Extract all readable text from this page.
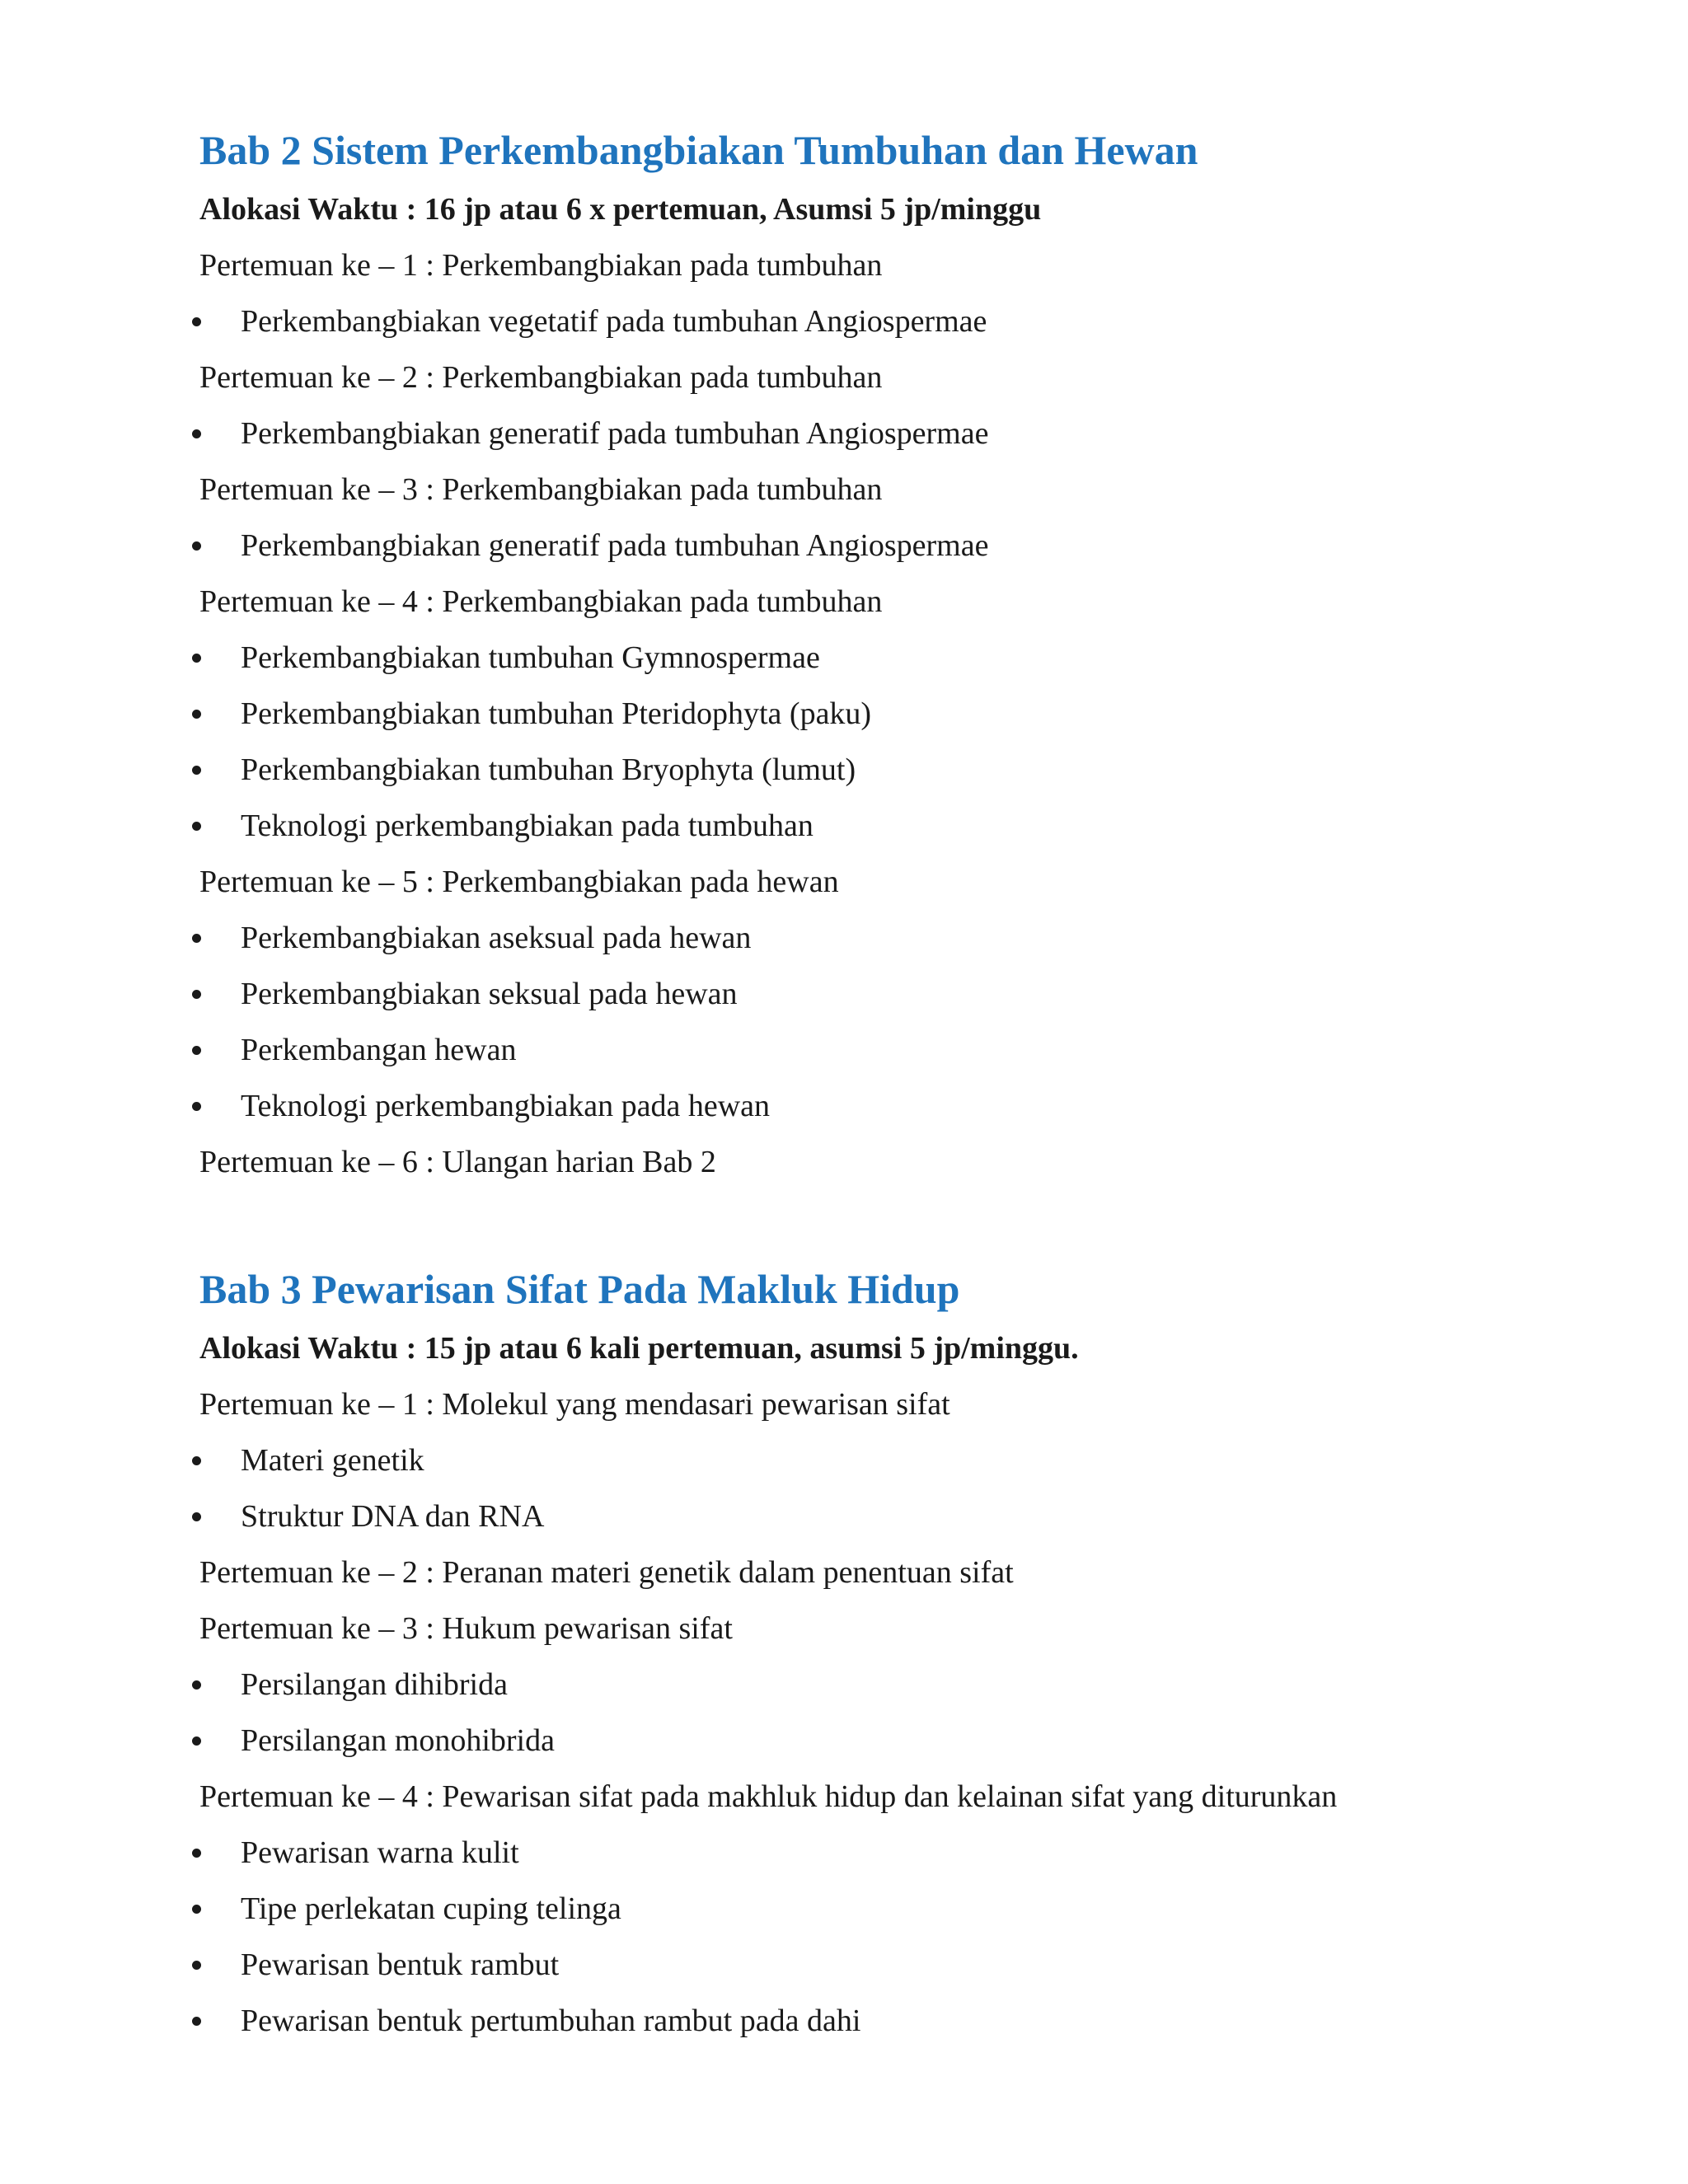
Bab 2 Sistem Perkembangbiakan Tumbuhan dan Hewan
Alokasi Waktu : 16 jp atau 6 x pertemuan, Asumsi 5 jp/minggu
Pertemuan ke – 1 : Perkembangbiakan pada tumbuhan
Perkembangbiakan vegetatif pada tumbuhan Angiospermae
Pertemuan ke – 2 : Perkembangbiakan pada tumbuhan
Perkembangbiakan generatif pada tumbuhan Angiospermae
Pertemuan ke – 3 : Perkembangbiakan pada tumbuhan
Perkembangbiakan generatif pada tumbuhan Angiospermae
Pertemuan ke – 4 : Perkembangbiakan pada tumbuhan
Perkembangbiakan tumbuhan Gymnospermae
Perkembangbiakan tumbuhan Pteridophyta (paku)
Perkembangbiakan tumbuhan Bryophyta (lumut)
Teknologi perkembangbiakan pada tumbuhan
Pertemuan ke – 5 : Perkembangbiakan pada hewan
Perkembangbiakan aseksual pada hewan
Perkembangbiakan seksual pada hewan
Perkembangan hewan
Teknologi perkembangbiakan pada hewan
Pertemuan ke – 6 : Ulangan harian Bab 2
Bab 3 Pewarisan Sifat Pada Makluk Hidup
Alokasi Waktu : 15 jp atau 6 kali pertemuan, asumsi 5 jp/minggu.
Pertemuan ke – 1 : Molekul yang mendasari pewarisan sifat
Materi genetik
Struktur DNA dan RNA
Pertemuan ke – 2 : Peranan materi genetik dalam penentuan sifat
Pertemuan ke – 3 : Hukum pewarisan sifat
Persilangan dihibrida
Persilangan monohibrida
Pertemuan ke – 4 : Pewarisan sifat pada makhluk hidup dan kelainan sifat yang diturunkan
Pewarisan warna kulit
Tipe perlekatan cuping telinga
Pewarisan bentuk rambut
Pewarisan bentuk pertumbuhan rambut pada dahi
